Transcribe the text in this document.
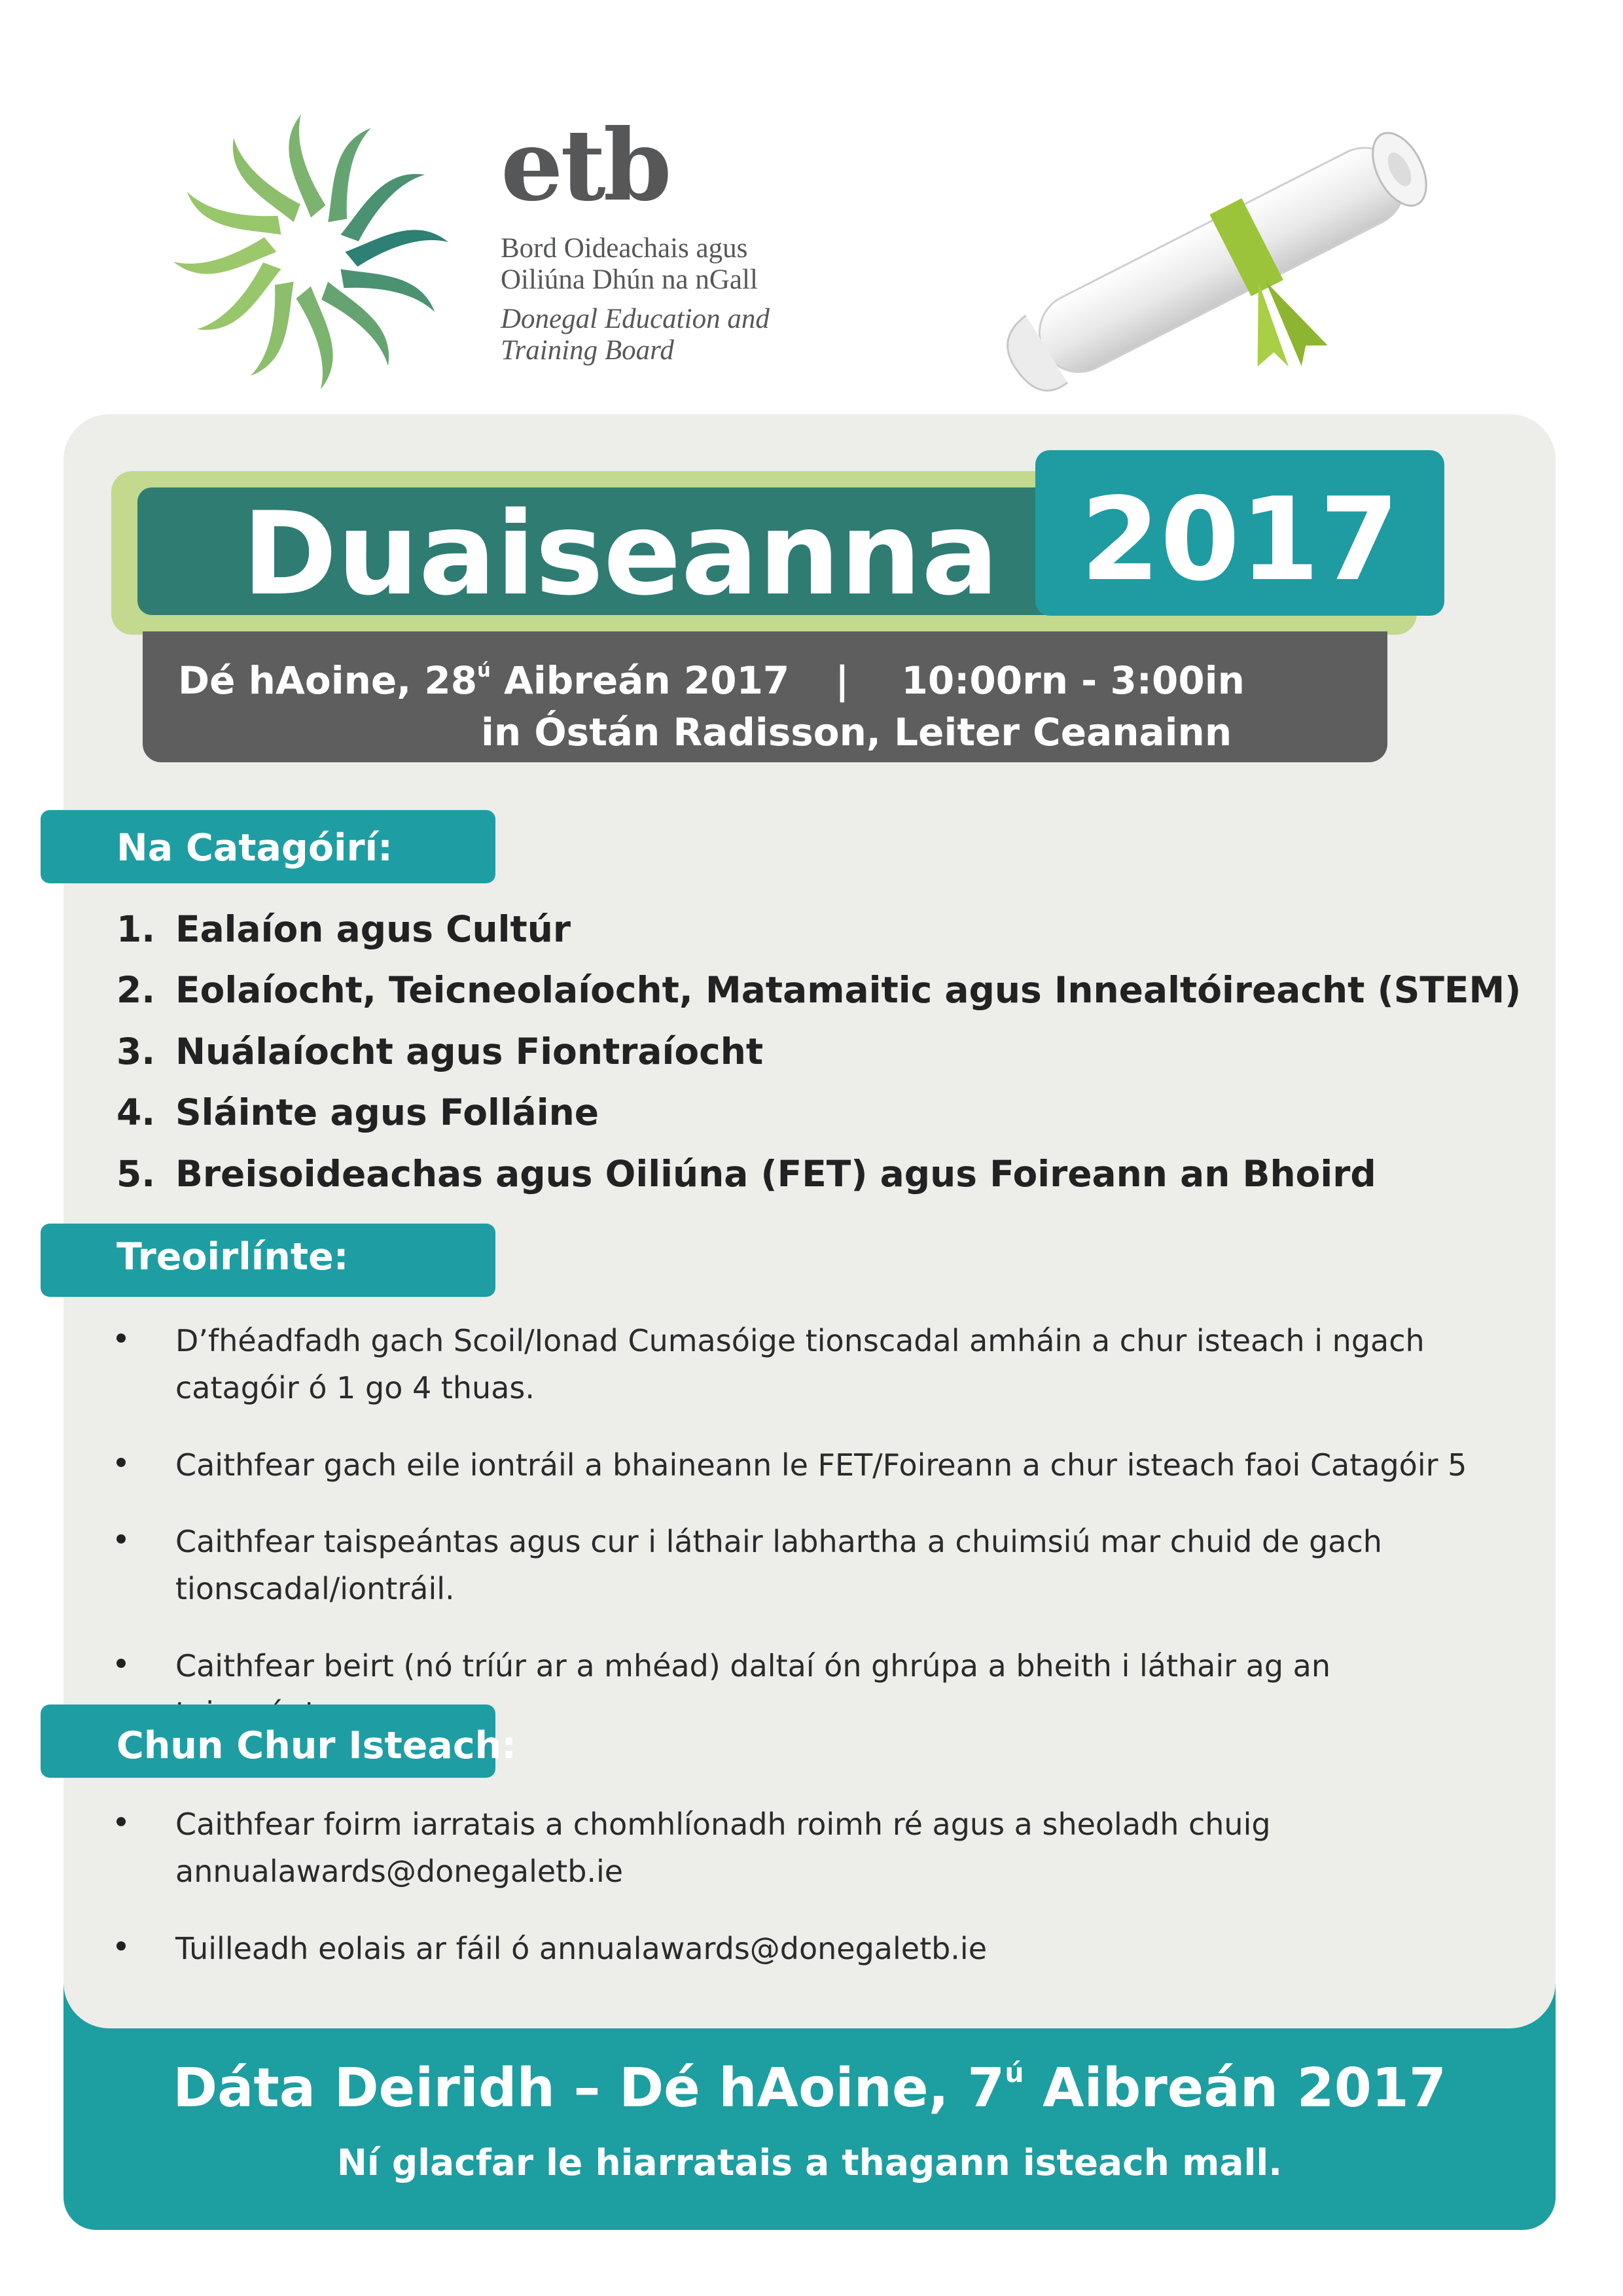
etb
Bord Oideachais agus
Oiliúna Dhún na nGall
Donegal Education and
Training Board
Duaiseanna 2017
Dé hAoine, $28^ú$ Aibreán 2017 | 10:00rn - 3:00in
in Óstán Radisson, Leiter Ceanainn
Na Catagóirí:
1. Ealaíon agus Cultúr
2. Eolaíocht, Teicneolaíocht, Matamaitic agus Innealtóireacht (STEM)
3. Nuálaíocht agus Fiontraíocht
4. Sláinte agus Folláine
5. Breisoideachas agus Oiliúna (FET) agus Foireann an Bhoird
Treoirlínte:
D’fhéadfadh gach Scoil/Ionad Cumasóige tionscadal amháin a chur isteach i ngach catagóir ó 1 go 4 thuas.
Caithfear gach eile iontráil a bhaineann le FET/Foireann a chur isteach faoi Catagóir 5
Caithfear taispeántas agus cur i láthair labhartha a chuimsiú mar chuid de gach tionscadal/iontráil.
Caithfear beirt (nó tríúr ar a mhéad) daltaí ón ghrúpa a bheith i láthair ag an
Chun Chur Isteach:
Caithfear foirm iarratais a chomhlíonadh roimh ré agus a sheoladh chuig annualawards@donegaletb.ie
Tuilleadh eolais ar fáil ó annualawards@donegaletb.ie
Dáta Deiridh – Dé hAoine, $7^ú$ Aibreán 2017
Ní glacfar le hiarratais a thagann isteach mall.
